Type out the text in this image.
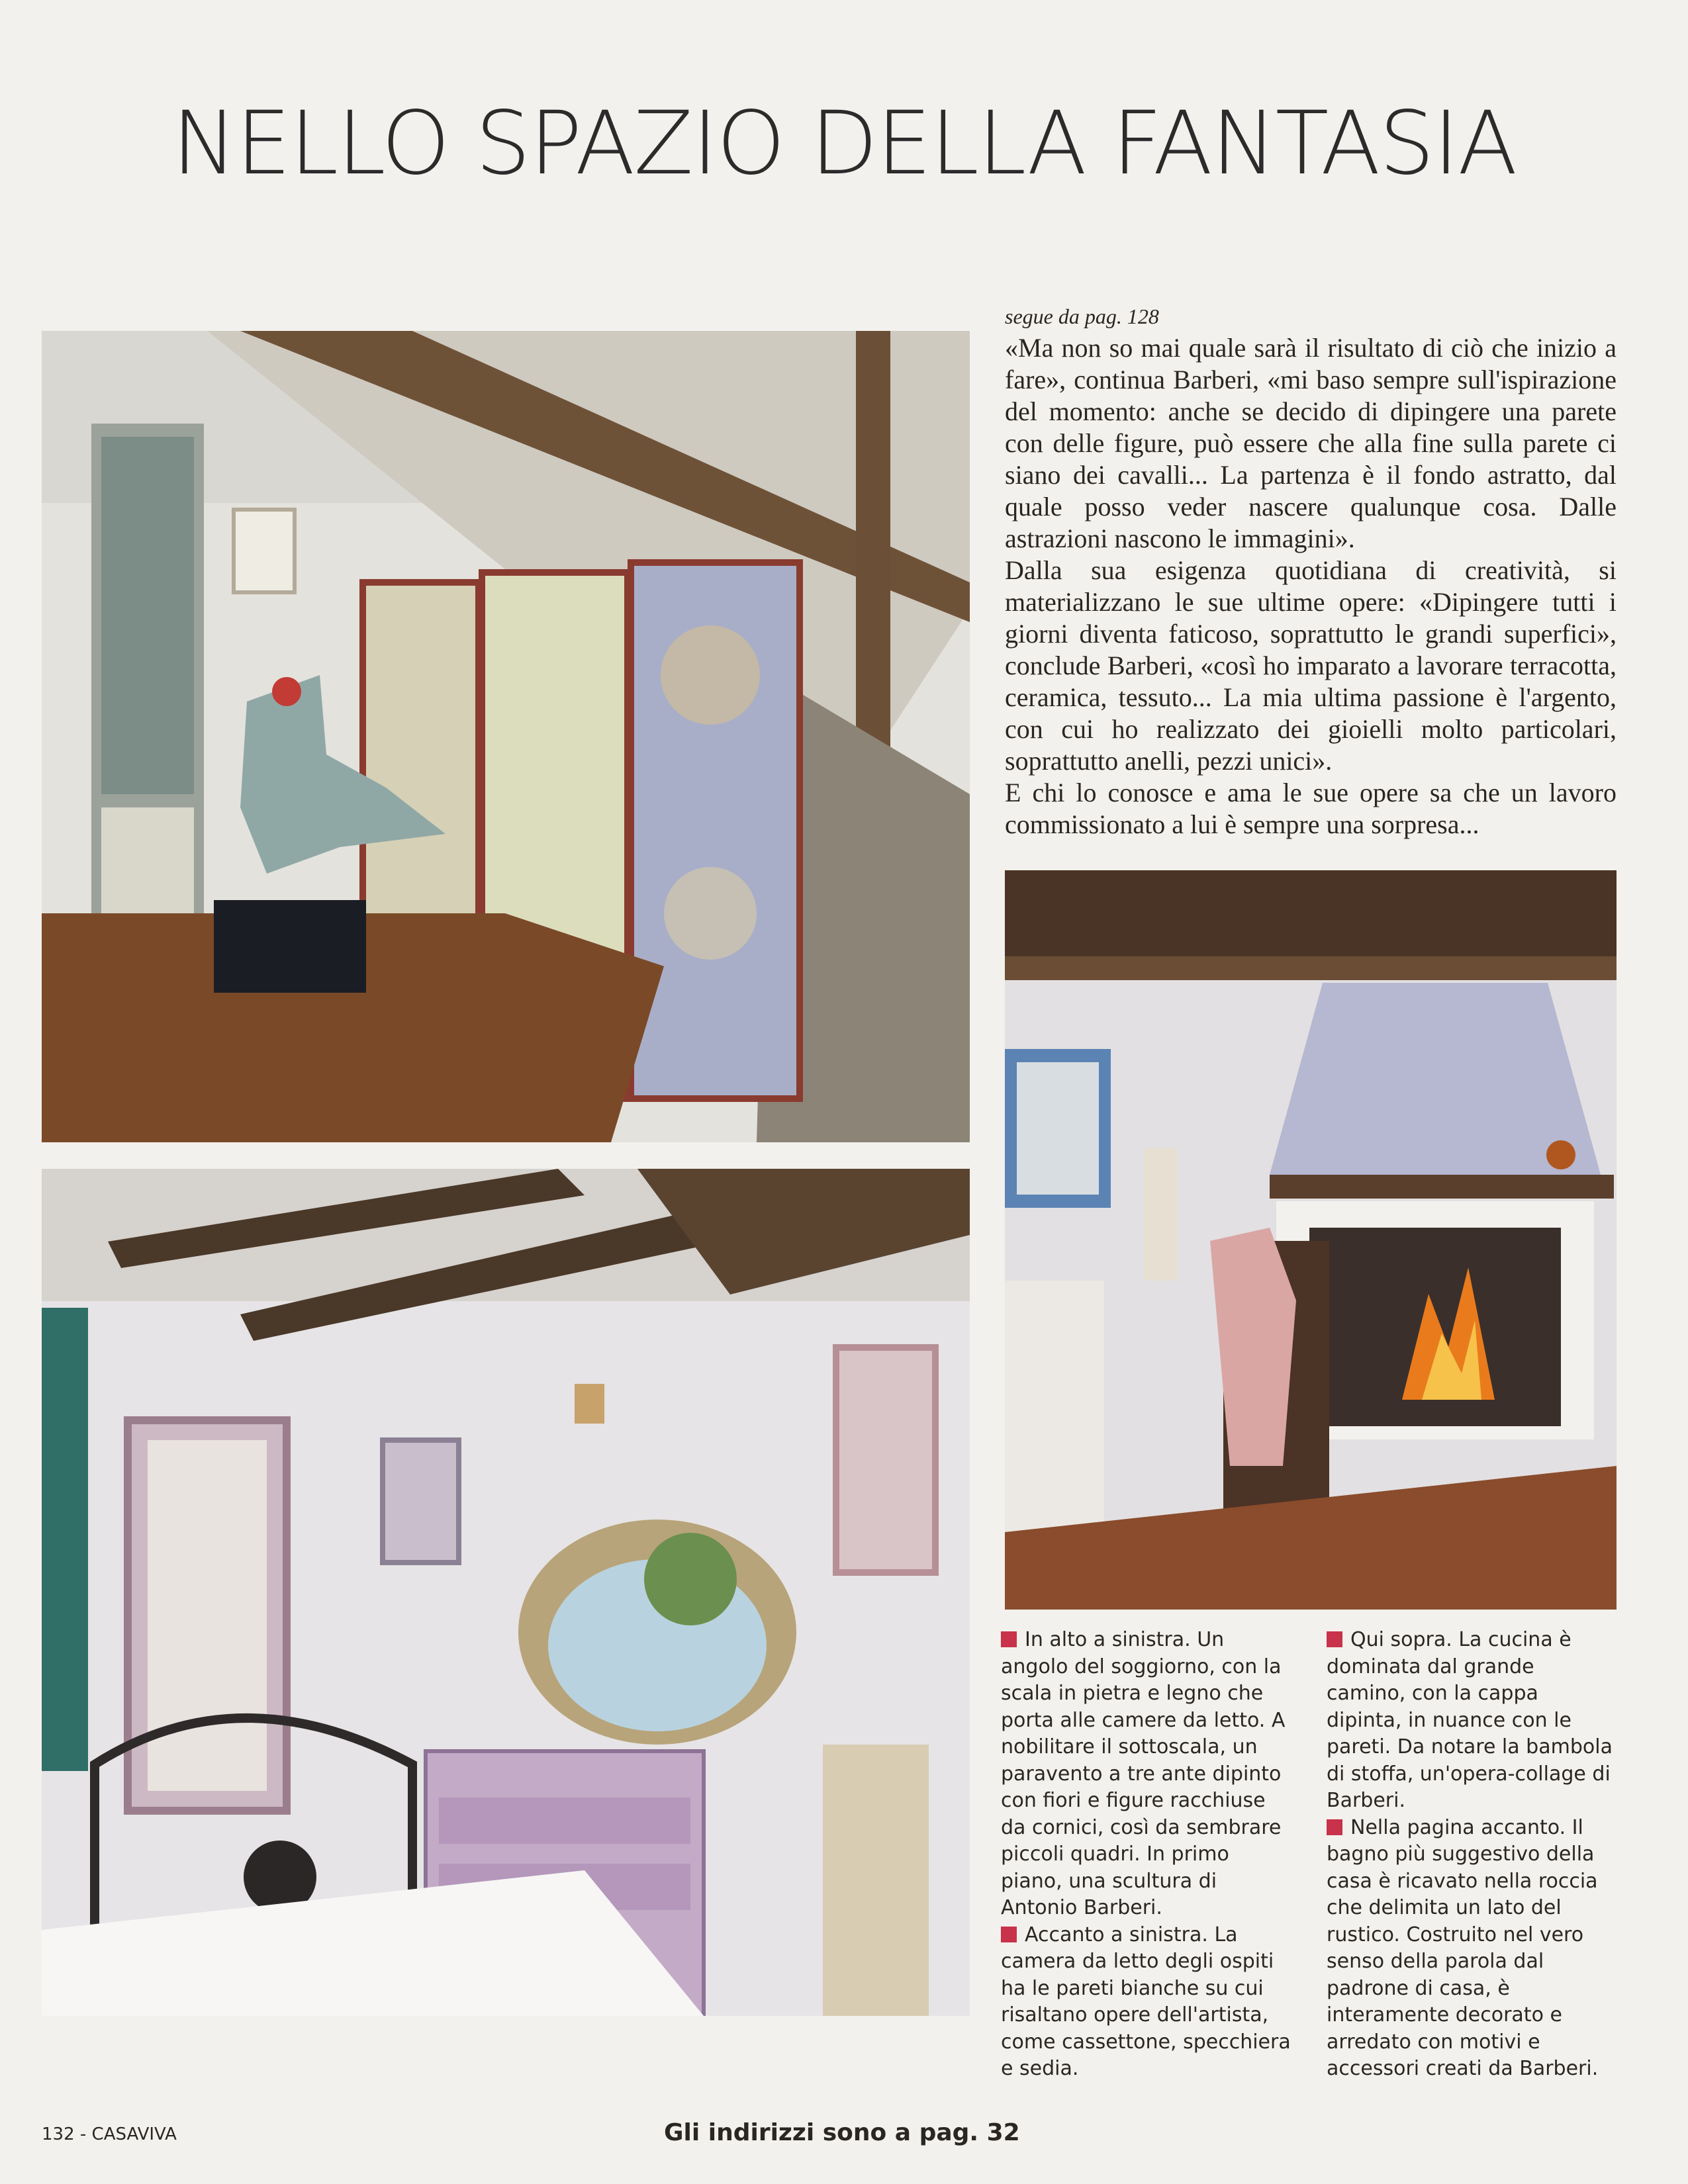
NELLO SPAZIO DELLA FANTASIA
segue da pag. 128

«Ma non so mai quale sarà il risultato di ciò che inizio a fare», continua Barberi, «mi baso sempre sull'ispirazione del momento: anche se decido di dipingere una parete con delle figure, può essere che alla fine sulla parete ci siano dei cavalli... La partenza è il fondo astratto, dal quale posso veder nascere qualunque cosa. Dalle astrazioni nascono le immagini».

Dalla sua esigenza quotidiana di creatività, si materializzano le sue ultime opere: «Dipingere tutti i giorni diventa faticoso, soprattutto le grandi superfici», conclude Barberi, «così ho imparato a lavorare terracotta, ceramica, tessuto... La mia ultima passione è l'argento, con cui ho realizzato dei gioielli molto particolari, soprattutto anelli, pezzi unici».

E chi lo conosce e ama le sue opere sa che un lavoro commissionato a lui è sempre una sorpresa...

In alto a sinistra. Un angolo del soggiorno, con la scala in pietra e legno che porta alle camere da letto. A nobilitare il sottoscala, un paravento a tre ante dipinto con fiori e figure racchiuse da cornici, così da sembrare piccoli quadri. In primo piano, una scultura di Antonio Barberi.

Accanto a sinistra. La camera da letto degli ospiti ha le pareti bianche su cui risaltano opere dell'artista, come cassettone, specchiera e sedia.

Qui sopra. La cucina è dominata dal grande camino, con la cappa dipinta, in nuance con le pareti. Da notare la bambola di stoffa, un'opera-collage di Barberi.

Nella pagina accanto. Il bagno più suggestivo della casa è ricavato nella roccia che delimita un lato del rustico. Costruito nel vero senso della parola dal padrone di casa, è interamente decorato e arredato con motivi e accessori creati da Barberi.

132 - CASAVIVA	Gli indirizzi sono a pag. 32
